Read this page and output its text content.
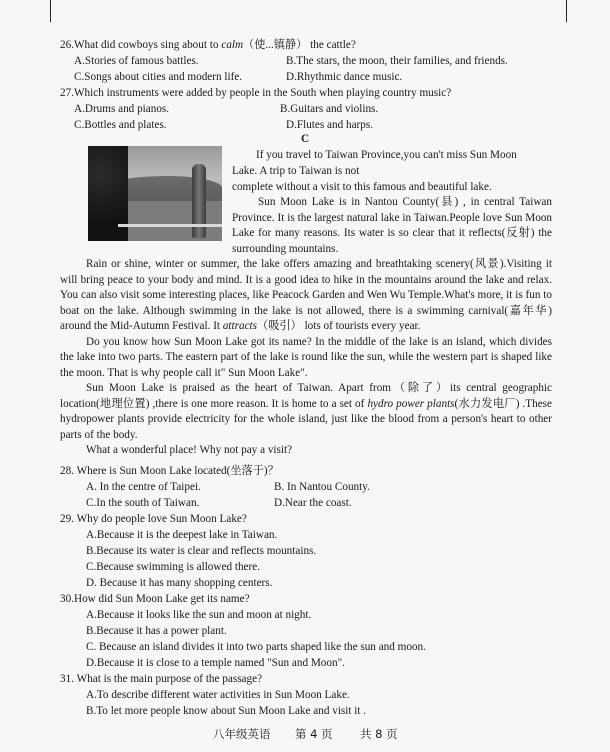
26.What did cowboys sing about to calm（使...镇静） the cattle?
A.Stories of famous battles.	B.The stars, the moon, their families, and friends.
C.Songs about cities and modern life.	D.Rhythmic dance music.
27.Which instruments were added by people in the South when playing country music?
A.Drums and pianos.	B.Guitars and violins.
C.Bottles and plates.	D.Flutes and harps.
C
If you travel to Taiwan Province,you can't miss Sun Moon
Lake. A trip to Taiwan is not
complete without a visit to this famous and beautiful lake.

Sun Moon Lake is in Nantou County(县) , in central Taiwan Province. It is the largest natural lake in Taiwan.People love Sun Moon Lake for many reasons. Its water is so clear that it reflects(反射) the surrounding mountains.

Rain or shine, winter or summer, the lake offers amazing and breathtaking scenery(风景).Visiting it will bring peace to your body and mind. It is a good idea to hike in the mountains around the lake and relax. You can also visit some interesting places, like Peacock Garden and Wen Wu Temple.What's more, it is fun to boat on the lake. Although swimming in the lake is not allowed, there is a swimming carnival(嘉年华) around the Mid-Autumn Festival. It attracts（吸引） lots of tourists every year.

Do you know how Sun Moon Lake got its name? In the middle of the lake is an island, which divides the lake into two parts. The eastern part of the lake is round like the sun, while the western part is shaped like the moon. That is why people call it" Sun Moon Lake".

Sun Moon Lake is praised as the heart of Taiwan. Apart from（除了）its central geographic location(地理位置) ,there is one more reason. It is home to a set of hydro power plants(水力发电厂) .These hydropower plants provide electricity for the whole island, just like the blood from a person's heart to other parts of the body.

What a wonderful place! Why not pay a visit?

28. Where is Sun Moon Lake located(坐落于)？
A. In the centre of Taipei.	B. In Nantou County.
C.In the south of Taiwan.	D.Near the coast.
29. Why do people love Sun Moon Lake?
A.Because it is the deepest lake in Taiwan.
B.Because its water is clear and reflects mountains.
C.Because swimming is allowed there.
D. Because it has many shopping centers.
30.How did Sun Moon Lake get its name?
A.Because it looks like the sun and moon at night.
B.Because it has a power plant.
C. Because an island divides it into two parts shaped like the sun and moon.
D.Because it is close to a temple named "Sun and Moon".
31. What is the main purpose of the passage?
A.To describe different water activities in Sun Moon Lake.
B.To let more people know about Sun Moon Lake and visit it .
八年级英语 第 4 页 共 8 页
